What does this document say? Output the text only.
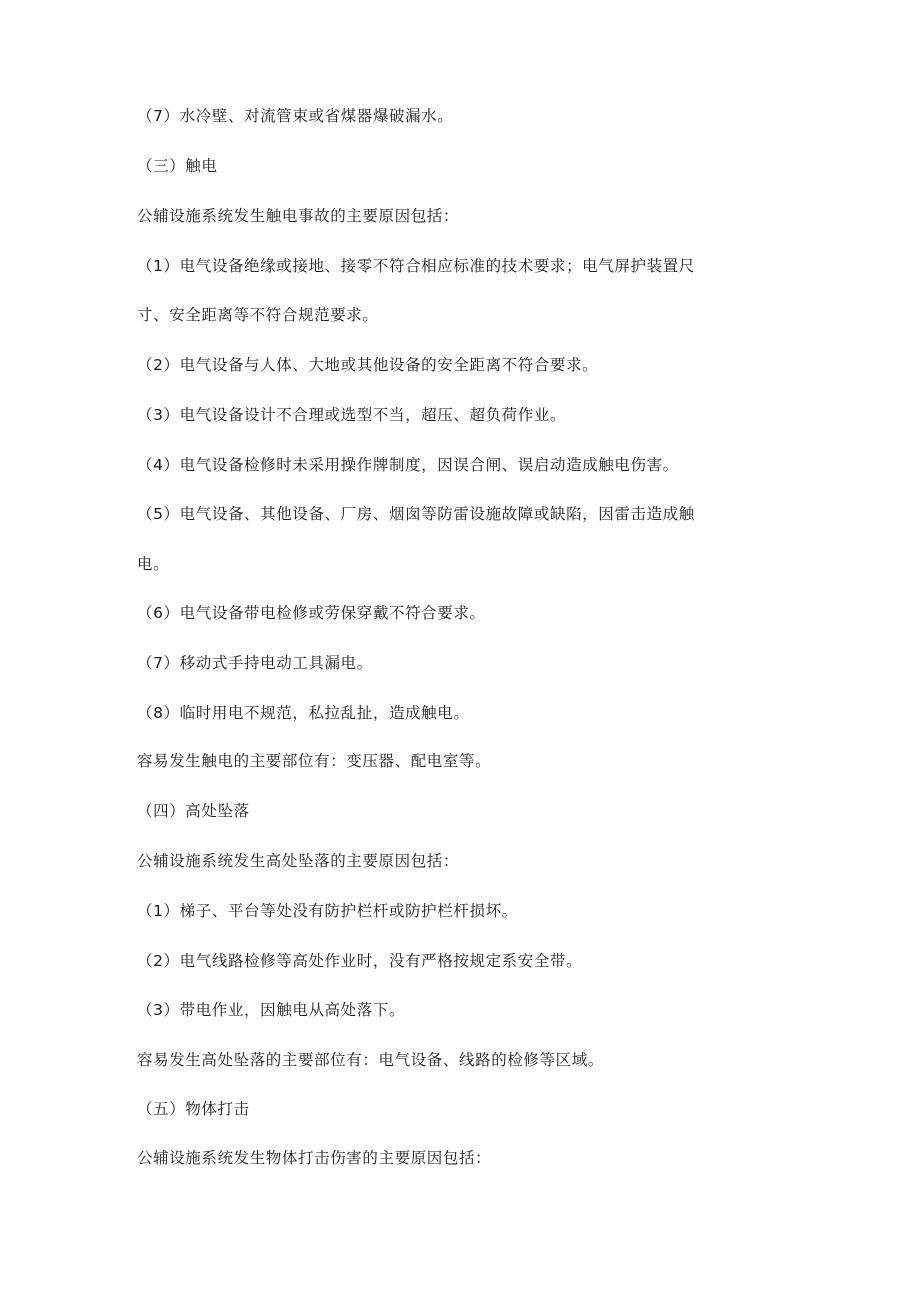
（7）水冷壁、对流管束或省煤器爆破漏水。
（三）触电
公辅设施系统发生触电事故的主要原因包括：
（1）电气设备绝缘或接地、接零不符合相应标准的技术要求；电气屏护装置尺
寸、安全距离等不符合规范要求。
（2）电气设备与人体、大地或其他设备的安全距离不符合要求。
（3）电气设备设计不合理或选型不当，超压、超负荷作业。
（4）电气设备检修时未采用操作牌制度，因误合闸、误启动造成触电伤害。
（5）电气设备、其他设备、厂房、烟囱等防雷设施故障或缺陷，因雷击造成触
电。
（6）电气设备带电检修或劳保穿戴不符合要求。
（7）移动式手持电动工具漏电。
（8）临时用电不规范，私拉乱扯，造成触电。
容易发生触电的主要部位有：变压器、配电室等。
（四）高处坠落
公辅设施系统发生高处坠落的主要原因包括：
（1）梯子、平台等处没有防护栏杆或防护栏杆损坏。
（2）电气线路检修等高处作业时，没有严格按规定系安全带。
（3）带电作业，因触电从高处落下。
容易发生高处坠落的主要部位有：电气设备、线路的检修等区域。
（五）物体打击
公辅设施系统发生物体打击伤害的主要原因包括：
